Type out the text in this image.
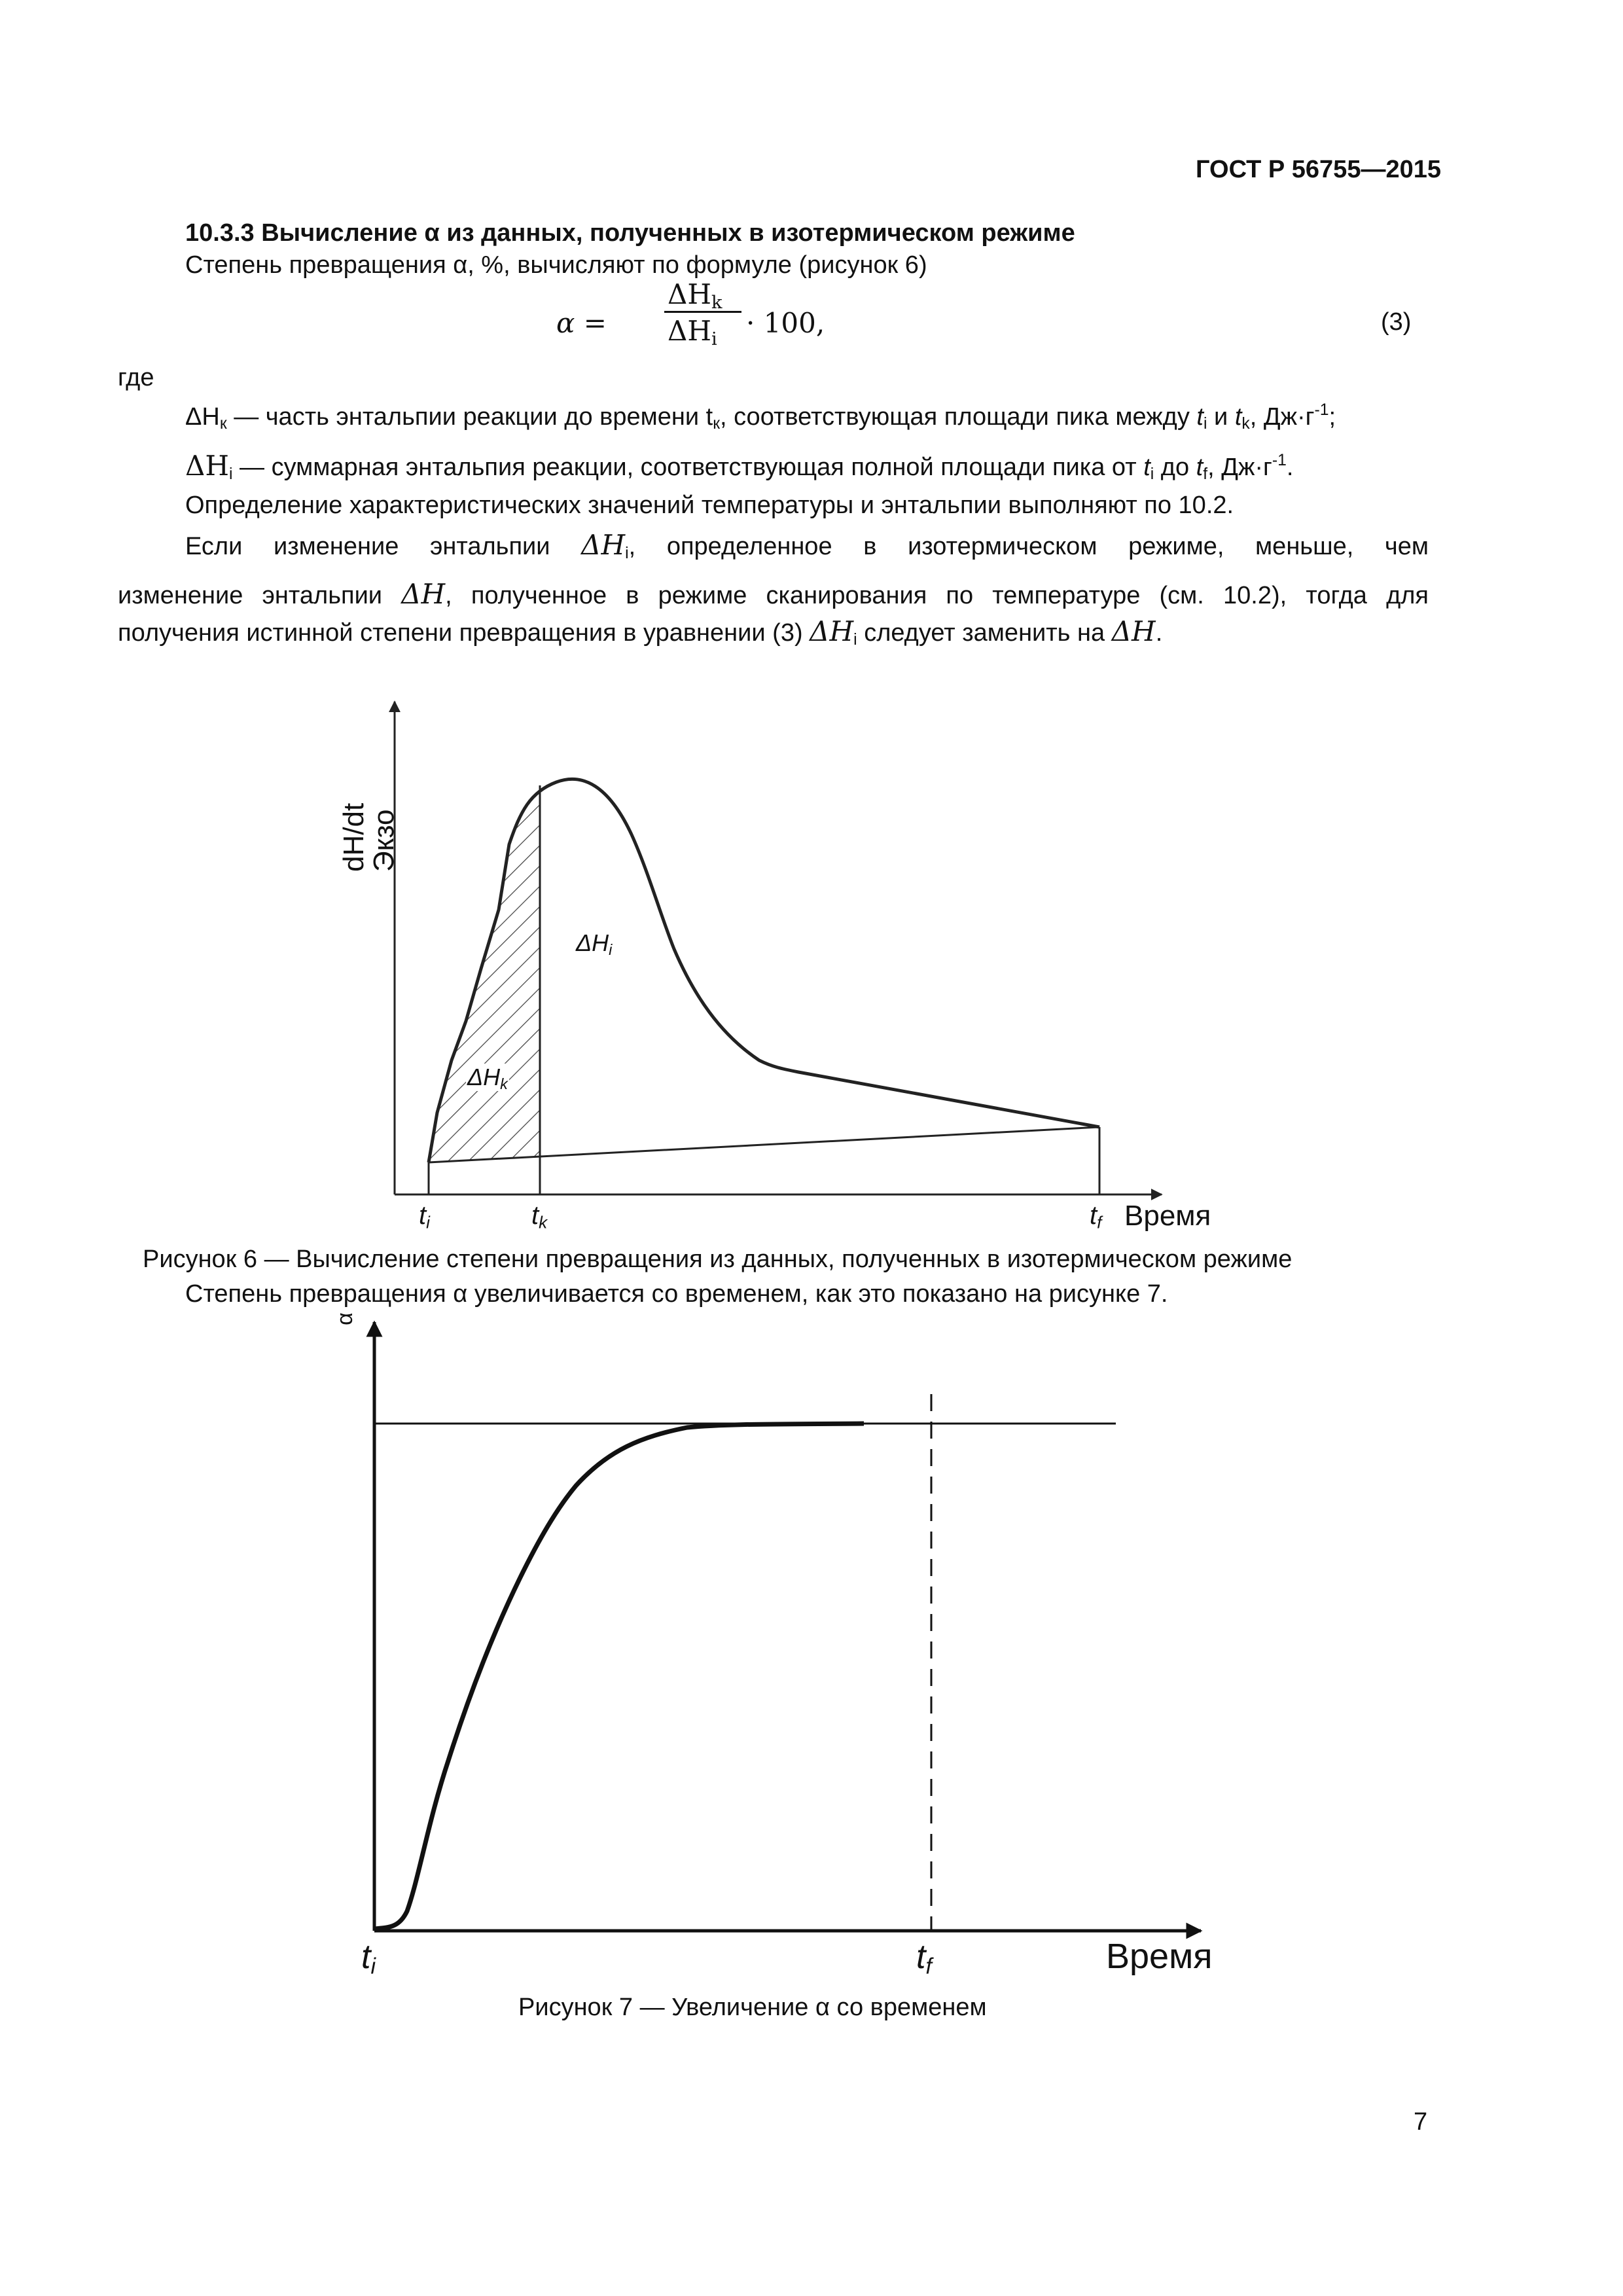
ГОСТ Р 56755—2015
10.3.3 Вычисление α из данных, полученных в изотермическом режиме
Степень превращения α, %, вычисляют по формуле (рисунок 6)
α =
$\Delta H_k$
$\Delta H_i$
· 100,	(3)
где
$\Delta H_к$ — часть энтальпии реакции до времени $t_к$, соответствующая площади пика между $t_i$ и $t_k$, $Дж\cdot г^{-1}$;
$\Delta H_i$ — суммарная энтальпия реакции, соответствующая полной площади пика от $t_i$ до $t_f$, $Дж\cdot г^{-1}$.
Определение характеристических значений температуры и энтальпии выполняют по 10.2.
Если изменение энтальпии $\Delta H_i$, определенное в изотермическом режиме, меньше, чем
изменение энтальпии ΔH, полученное в режиме сканирования по температуре (см. 10.2), тогда для
получения истинной степени превращения в уравнении (3) $\Delta H_i$ следует заменить на ΔH.
dH/dt
Экзо
$\Delta H_i$
$\Delta H_k$
$t_i$	$t_k$	$t_f$ Время
Рисунок 6 — Вычисление степени превращения из данных, полученных в изотермическом режиме
Степень превращения α увеличивается со временем, как это показано на рисунке 7.
α
$t_i$	$t_f$	Время
Рисунок 7 — Увеличение α со временем
7
